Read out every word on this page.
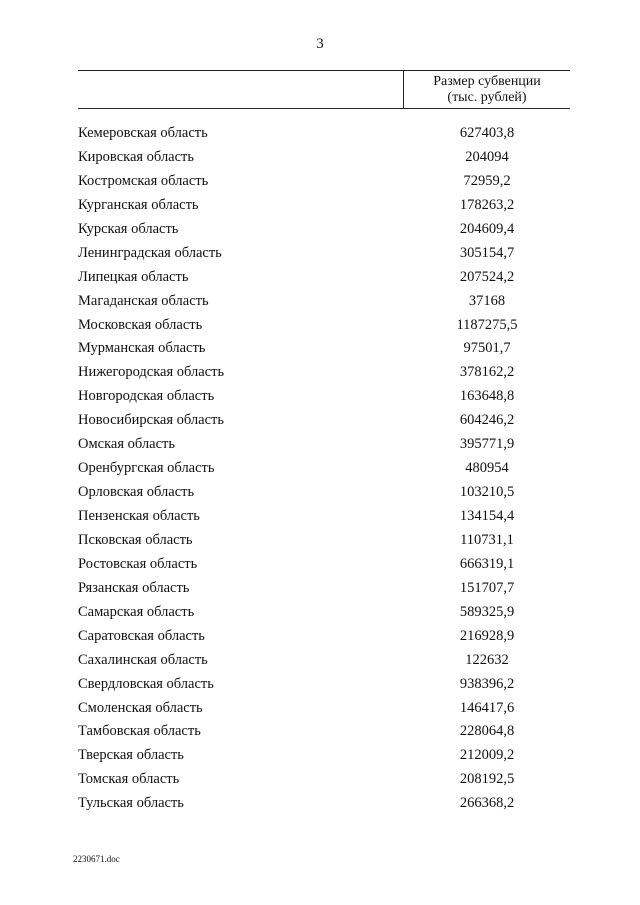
3
Размер субвенции
(тыс. рублей)
Кемеровская область	627403,8
Кировская область	204094
Костромская область	72959,2
Курганская область	178263,2
Курская область	204609,4
Ленинградская область	305154,7
Липецкая область	207524,2
Магаданская область	37168
Московская область	1187275,5
Мурманская область	97501,7
Нижегородская область	378162,2
Новгородская область	163648,8
Новосибирская область	604246,2
Омская область	395771,9
Оренбургская область	480954
Орловская область	103210,5
Пензенская область	134154,4
Псковская область	110731,1
Ростовская область	666319,1
Рязанская область	151707,7
Самарская область	589325,9
Саратовская область	216928,9
Сахалинская область	122632
Свердловская область	938396,2
Смоленская область	146417,6
Тамбовская область	228064,8
Тверская область	212009,2
Томская область	208192,5
Тульская область	266368,2
2230671.doc
